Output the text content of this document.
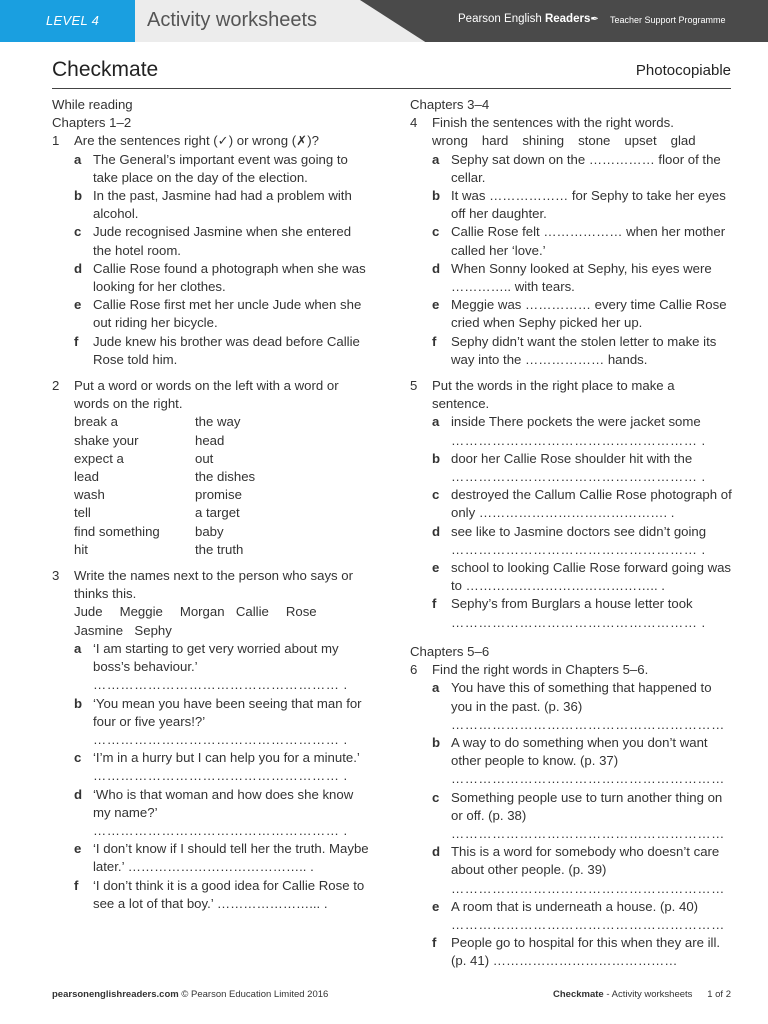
LEVEL 4 Activity worksheets	Pearson English Readers✒ Teacher Support Programme
Checkmate	Photocopiable
While reading
Chapters 1–2
1	Are the sentences right (✓) or wrong (✗)?
a The General’s important event was going to take place on the day of the election.
b In the past, Jasmine had had a problem with alcohol.
c Jude recognised Jasmine when she entered the hotel room.
d Callie Rose found a photograph when she was looking for her clothes.
e Callie Rose first met her uncle Jude when she out riding her bicycle.
f	Jude knew his brother was dead before Callie Rose told him.
2	Put a word or words on the left with a word or words on the right.
break a	the way
shake your	head
expect a	out
lead	the dishes
wash	promise
tell	a target
find something	baby
hit	the truth
3	Write the names next to the person who says or thinks this.
Jude   Meggie   Morgan  Callie   Rose   Jasmine  Sephy
a ‘I am starting to get very worried about my boss’s behaviour.’
……………………………………………… .
b ‘You mean you have been seeing that man for four or five years!?’
……………………………………………… .
c ‘I’m in a hurry but I can help you for a minute.’
……………………………………………… .
d ‘Who is that woman and how does she know my name?’
……………………………………………… .
e ‘I don’t know if I should tell her the truth. Maybe later.’ ………………………………….. .
f	‘I don’t think it is a good idea for Callie Rose to see a lot of that boy.’ …………………... .
Chapters 3–4
4	Finish the sentences with the right words.
wrong hard shining stone upset glad
a Sephy sat down on the …………… floor of the cellar.
b It was ……………… for Sephy to take her eyes off her daughter.
c Callie Rose felt ……………… when her mother called her ‘love.’
d When Sonny looked at Sephy, his eyes were ………….. with tears.
e Meggie was …………… every time Callie Rose cried when Sephy picked her up.
f	Sephy didn’t want the stolen letter to make its way into the ……………… hands.
5	Put the words in the right place to make a sentence.
a inside There pockets the were jacket some
……………………………………………… .
b door her Callie Rose shoulder hit with the
……………………………………………… .
c destroyed the Callum Callie Rose photograph of only ……………………………………. .
d see like to Jasmine doctors see didn’t going
……………………………………………… .
e school to looking Callie Rose forward going was to …………………………………….. .
f	Sephy’s from Burglars a house letter took
……………………………………………… .
Chapters 5–6
6	Find the right words in Chapters 5–6.
a You have this of something that happened to you in the past. (p. 36)
……………………………………………………
b A way to do something when you don’t want other people to know. (p. 37)
……………………………………………………
c Something people use to turn another thing on or off. (p. 38)
……………………………………………………
d This is a word for somebody who doesn’t care about other people. (p. 39)
……………………………………………………
e A room that is underneath a house. (p. 40)
……………………………………………………
f	People go to hospital for this when they are ill. (p. 41) ……………………………………
pearsonenglishreaders.com © Pearson Education Limited 2016	Checkmate - Activity worksheets	1 of 2
